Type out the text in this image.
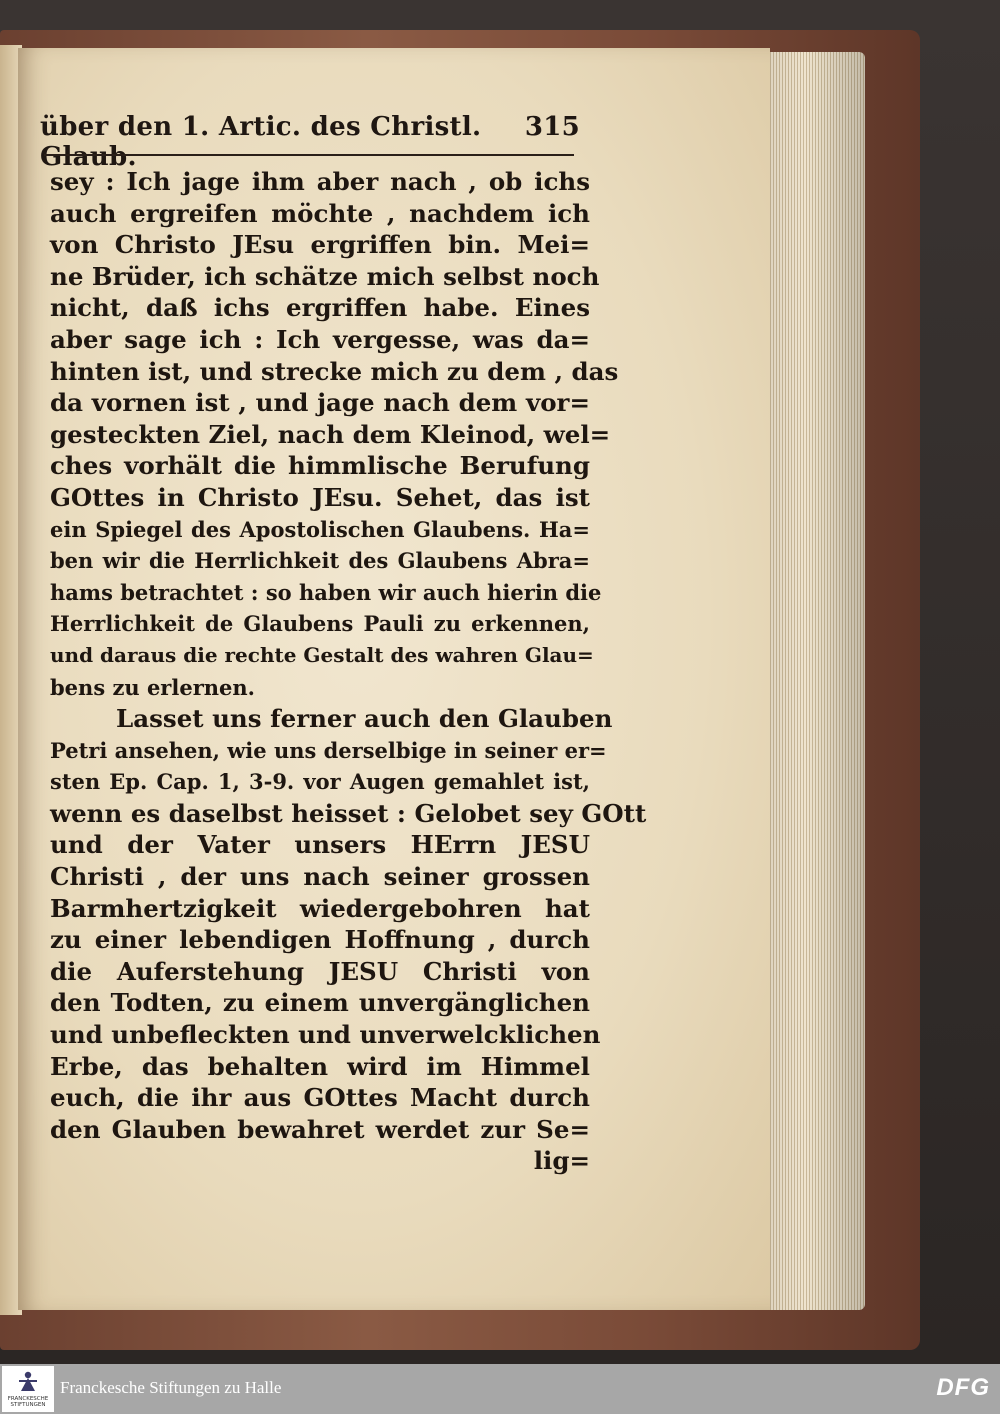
über den 1. Artic. des Christl. Glaub.
315
sey : Ich jage ihm aber nach , ob ichs
auch ergreifen möchte , nachdem ich
von Christo JEsu ergriffen bin. Mei=
ne Brüder, ich schätze mich selbst noch
nicht, daß ichs ergriffen habe. Eines
aber sage ich : Ich vergesse, was da=
hinten ist, und strecke mich zu dem , das
da vornen ist , und jage nach dem vor=
gesteckten Ziel, nach dem Kleinod, wel=
ches vorhält die himmlische Berufung
GOttes in Christo JEsu. Sehet, das ist
ein Spiegel des Apostolischen Glaubens. Ha=
ben wir die Herrlichkeit des Glaubens Abra=
hams betrachtet : so haben wir auch hierin die
Herrlichkeit de Glaubens Pauli zu erkennen,
und daraus die rechte Gestalt des wahren Glau=
bens zu erlernen.
Lasset uns ferner auch den Glauben
Petri ansehen, wie uns derselbige in seiner er=
sten Ep. Cap. 1, 3-9. vor Augen gemahlet ist,
wenn es daselbst heisset : Gelobet sey GOtt
und der Vater unsers HErrn JESU
Christi , der uns nach seiner grossen
Barmhertzigkeit wiedergebohren hat
zu einer lebendigen Hoffnung , durch
die Auferstehung JESU Christi von
den Todten, zu einem unvergänglichen
und unbefleckten und unverwelcklichen
Erbe, das behalten wird im Himmel
euch, die ihr aus GOttes Macht durch
den Glauben bewahret werdet zur Se=
lig=
FRANCKESCHE STIFTUNGEN
Franckesche Stiftungen zu Halle	DFG
